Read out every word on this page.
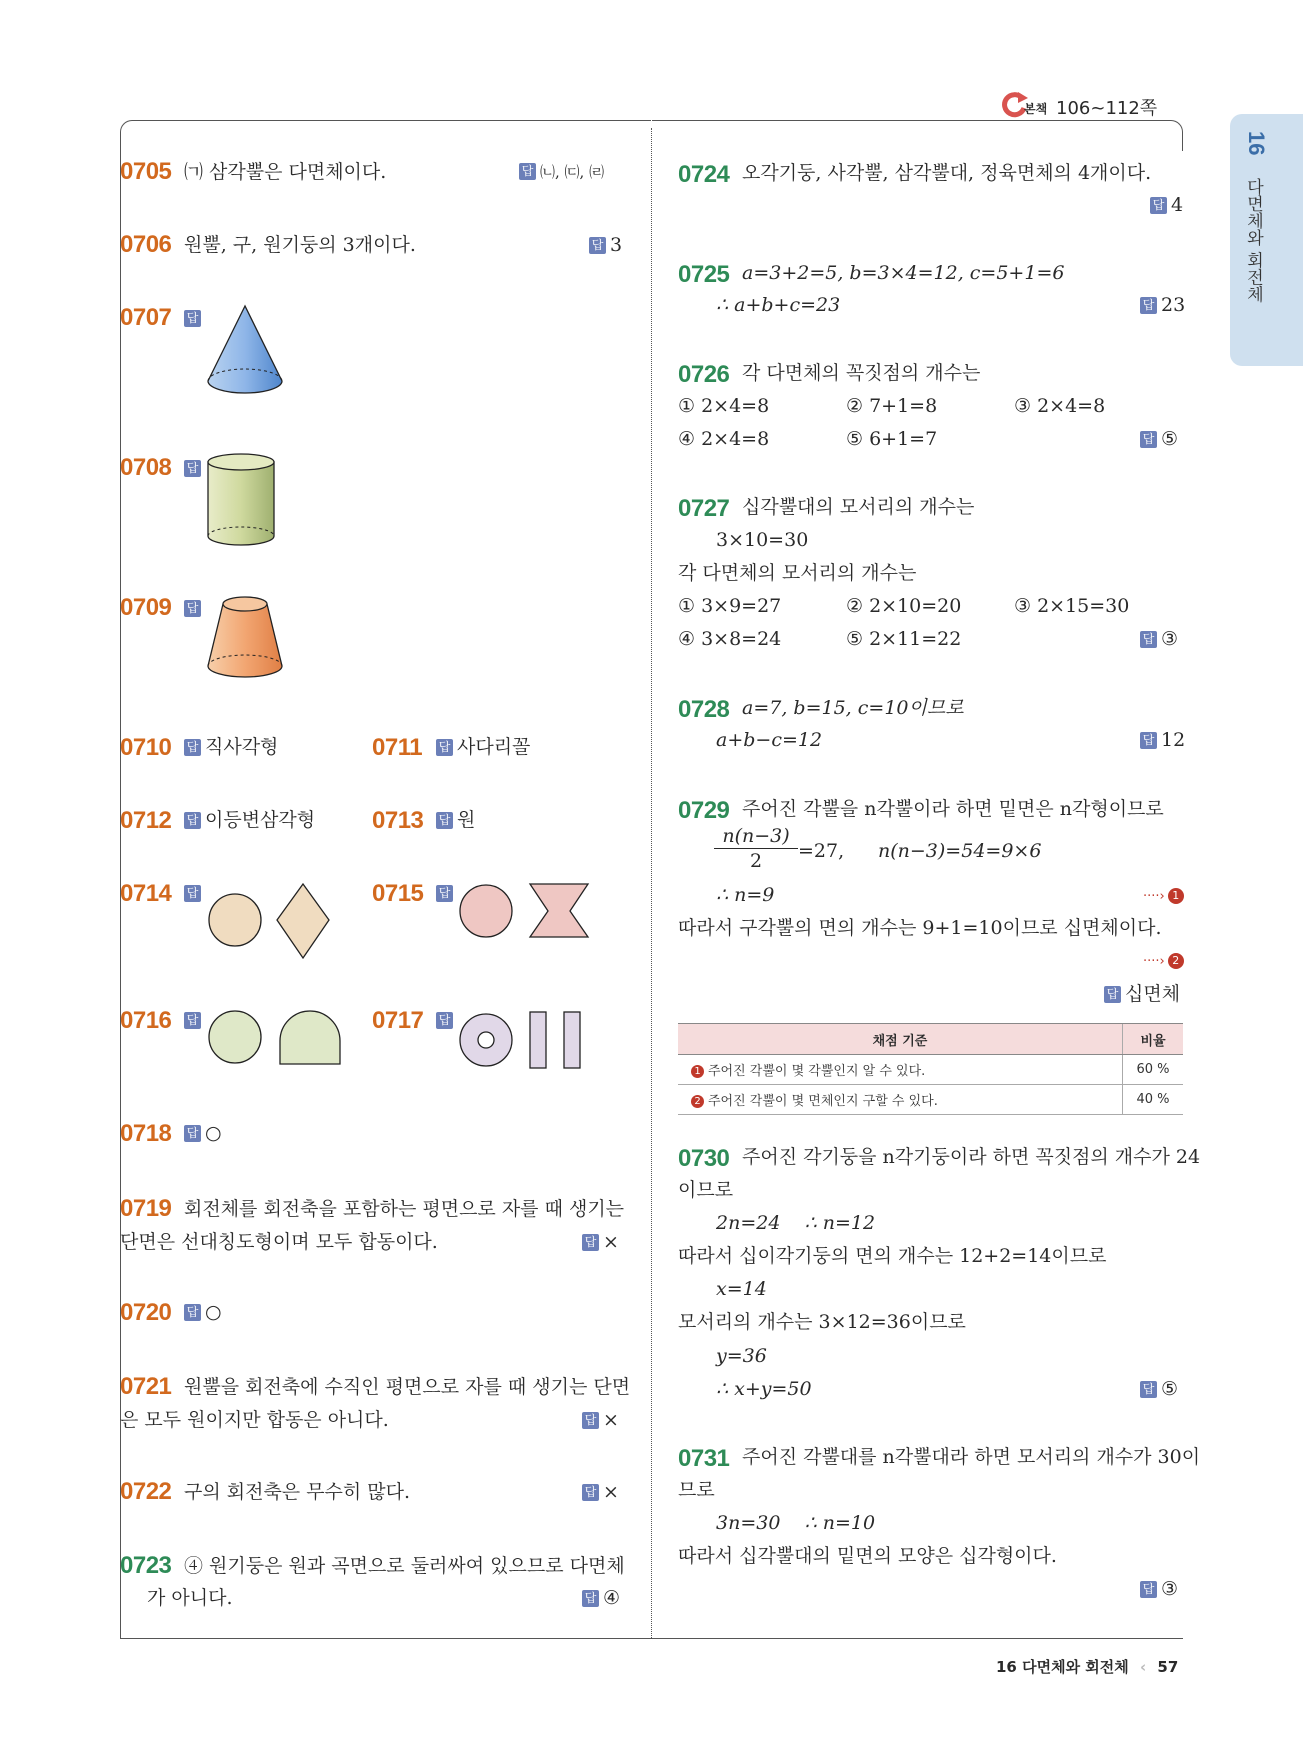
본책 106~112쪽
16
다면체와 회전체
0705 ㈀ 삼각뿔은 다면체이다.	답 ㈁, ㈂, ㈃
0706 원뿔, 구, 원기둥의 3개이다.	답 3
0707 답
0708 답
0709 답
0710 답 직사각형	0711 답 사다리꼴
0712 답 이등변삼각형 0713 답 원
0714 답	0715 답
0716 답	0717 답
0718 답 ○
0719 회전체를 회전축을 포함하는 평면으로 자를 때 생기는
단면은 선대칭도형이며 모두 합동이다.	답 ×
0720 답 ○
0721 원뿔을 회전축에 수직인 평면으로 자를 때 생기는 단면
은 모두 원이지만 합동은 아니다.	답 ×
0722 구의 회전축은 무수히 많다.	답 ×
0723 ④ 원기둥은 원과 곡면으로 둘러싸여 있으므로 다면체
가 아니다.	답 ④
0724 오각기둥, 사각뿔, 삼각뿔대, 정육면체의 4개이다.
답 4
0725 a=3+2=5, b=3×4=12, c=5+1=6
∴ a+b+c=23	답 23
0726 각 다면체의 꼭짓점의 개수는
① 2×4=8	② 7+1=8	③ 2×4=8
④ 2×4=8	⑤ 6+1=7	답 ⑤
0727 십각뿔대의 모서리의 개수는
3×10=30
각 다면체의 모서리의 개수는
① 3×9=27	② 2×10=20	③ 2×15=30
④ 3×8=24	⑤ 2×11=22	답 ③
0728 a=7, b=15, c=10이므로
a+b−c=12	답 12
0729 주어진 각뿔을 n각뿔이라 하면 밑면은 n각형이므로
$\frac{n(n-3)}{2} =27$, n(n−3)=54=9×6
∴ n=9	····› 1
따라서 구각뿔의 면의 개수는 9+1=10이므로 십면체이다.
····› 2
답 십면체
채점 기준	비율
1 주어진 각뿔이 몇 각뿔인지 알 수 있다.	60 %
2 주어진 각뿔이 몇 면체인지 구할 수 있다.	40 %
0730 주어진 각기둥을 n각기둥이라 하면 꼭짓점의 개수가 24
이므로
2n=24    ∴ n=12
따라서 십이각기둥의 면의 개수는 12+2=14이므로
x=14
모서리의 개수는 3×12=36이므로
y=36
∴ x+y=50	답 ⑤
0731 주어진 각뿔대를 n각뿔대라 하면 모서리의 개수가 30이
므로
3n=30    ∴ n=10
따라서 십각뿔대의 밑면의 모양은 십각형이다.
답 ③
16 다면체와 회전체 ‹ 57
